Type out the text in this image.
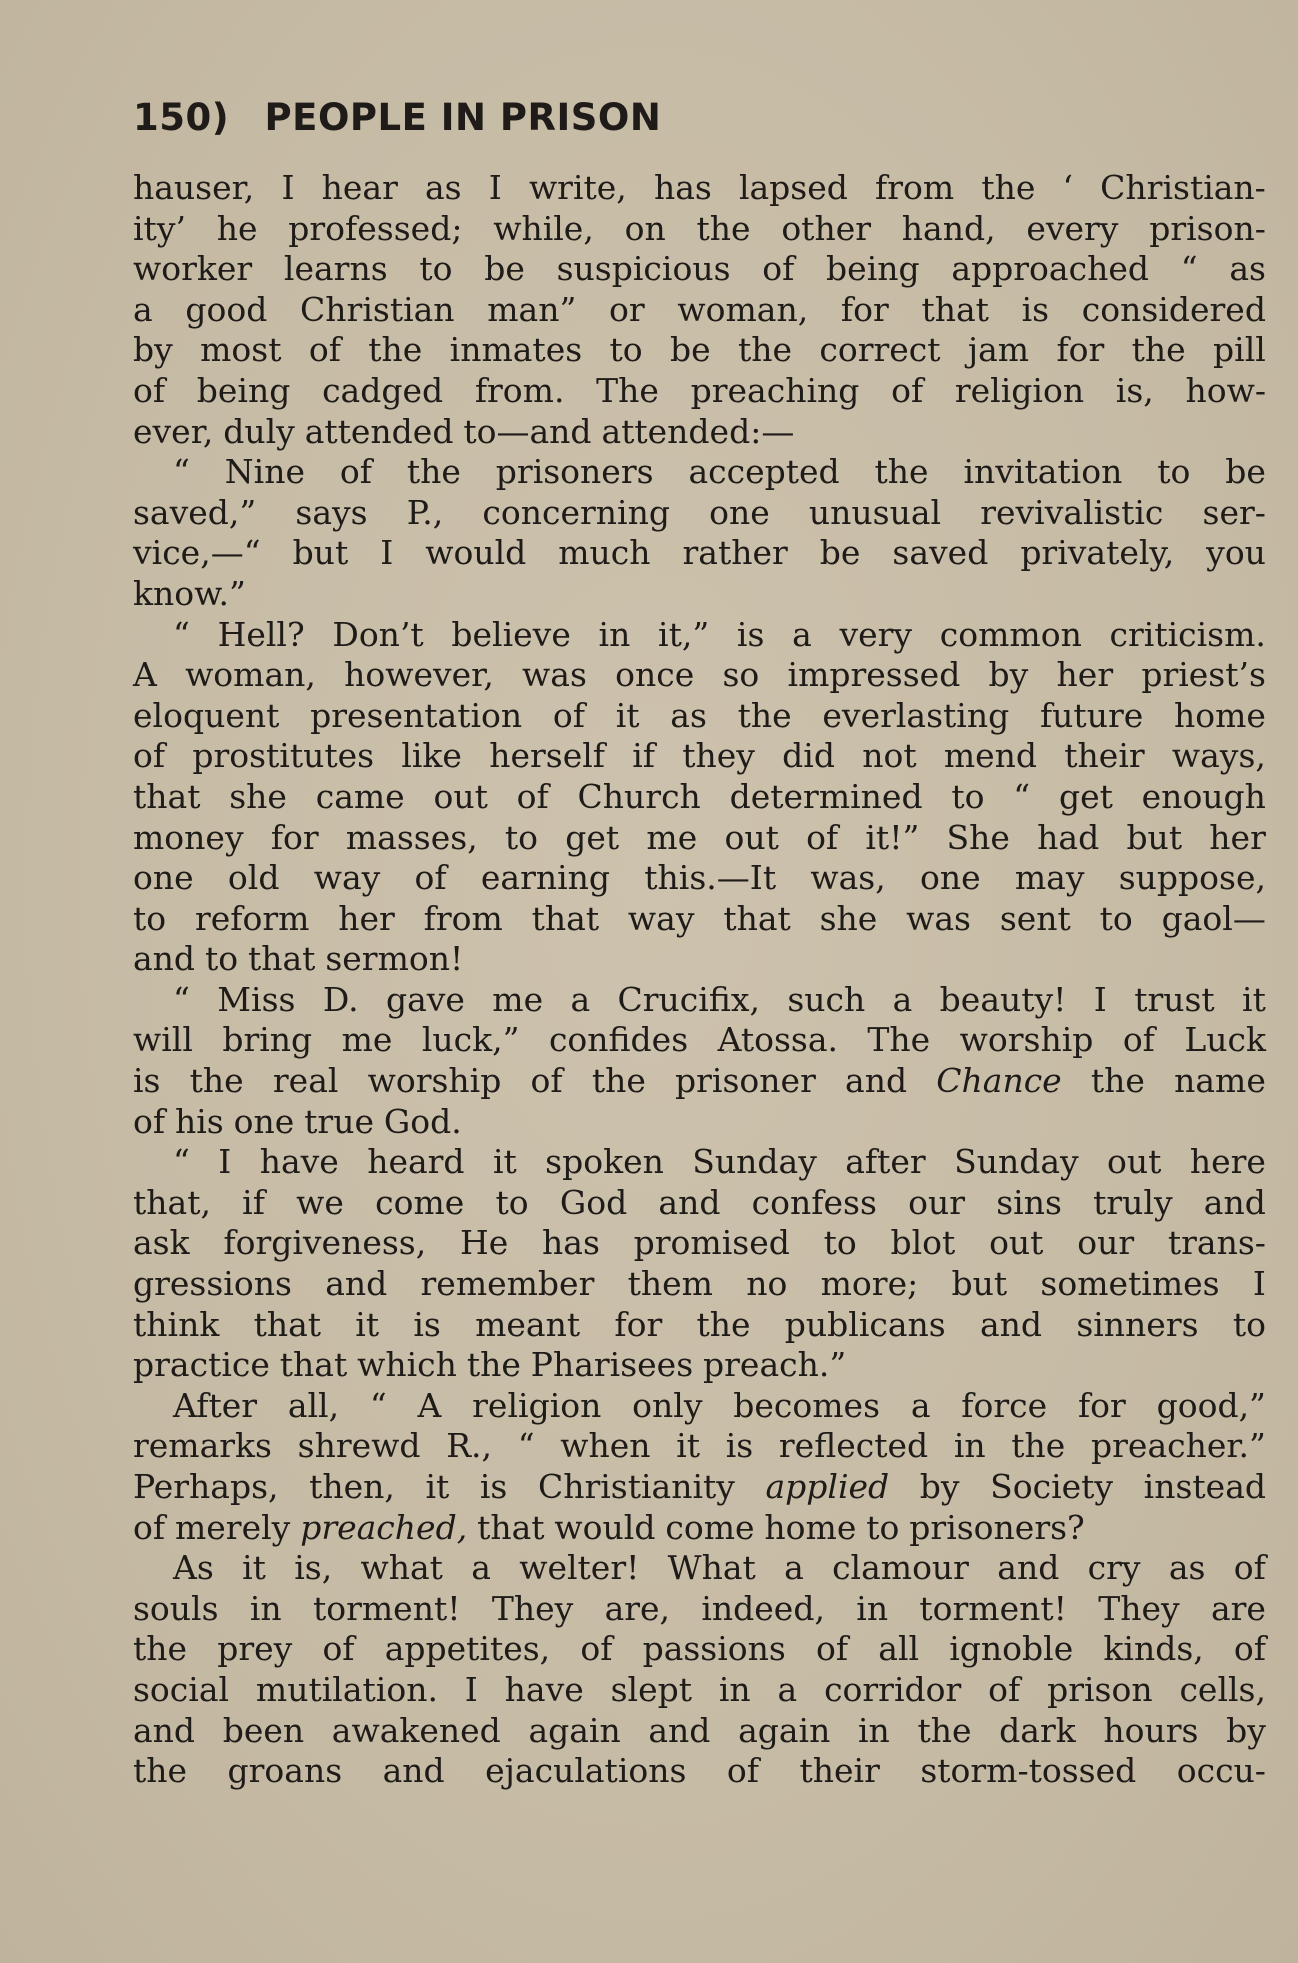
150) PEOPLE IN PRISON
hauser, I hear as I write, has lapsed from the ‘ Christian-
ity’ he professed; while, on the other hand, every prison-
worker learns to be suspicious of being approached “ as
a good Christian man” or woman, for that is considered
by most of the inmates to be the correct jam for the pill
of being cadged from. The preaching of religion is, how-
ever, duly attended to—and attended:—
“ Nine of the prisoners accepted the invitation to be
saved,” says P., concerning one unusual revivalistic ser-
vice,—“ but I would much rather be saved privately, you
know.”
“ Hell? Don’t believe in it,” is a very common criticism.
A woman, however, was once so impressed by her priest’s
eloquent presentation of it as the everlasting future home
of prostitutes like herself if they did not mend their ways,
that she came out of Church determined to “ get enough
money for masses, to get me out of it!” She had but her
one old way of earning this.—It was, one may suppose,
to reform her from that way that she was sent to gaol—
and to that sermon!
“ Miss D. gave me a Crucifix, such a beauty! I trust it
will bring me luck,” confides Atossa. The worship of Luck
is the real worship of the prisoner and Chance the name
of his one true God.
“ I have heard it spoken Sunday after Sunday out here
that, if we come to God and confess our sins truly and
ask forgiveness, He has promised to blot out our trans-
gressions and remember them no more; but sometimes I
think that it is meant for the publicans and sinners to
practice that which the Pharisees preach.”
After all, “ A religion only becomes a force for good,”
remarks shrewd R., “ when it is reflected in the preacher.”
Perhaps, then, it is Christianity applied by Society instead
of merely preached, that would come home to prisoners?
As it is, what a welter! What a clamour and cry as of
souls in torment! They are, indeed, in torment! They are
the prey of appetites, of passions of all ignoble kinds, of
social mutilation. I have slept in a corridor of prison cells,
and been awakened again and again in the dark hours by
the groans and ejaculations of their storm-tossed occu-
